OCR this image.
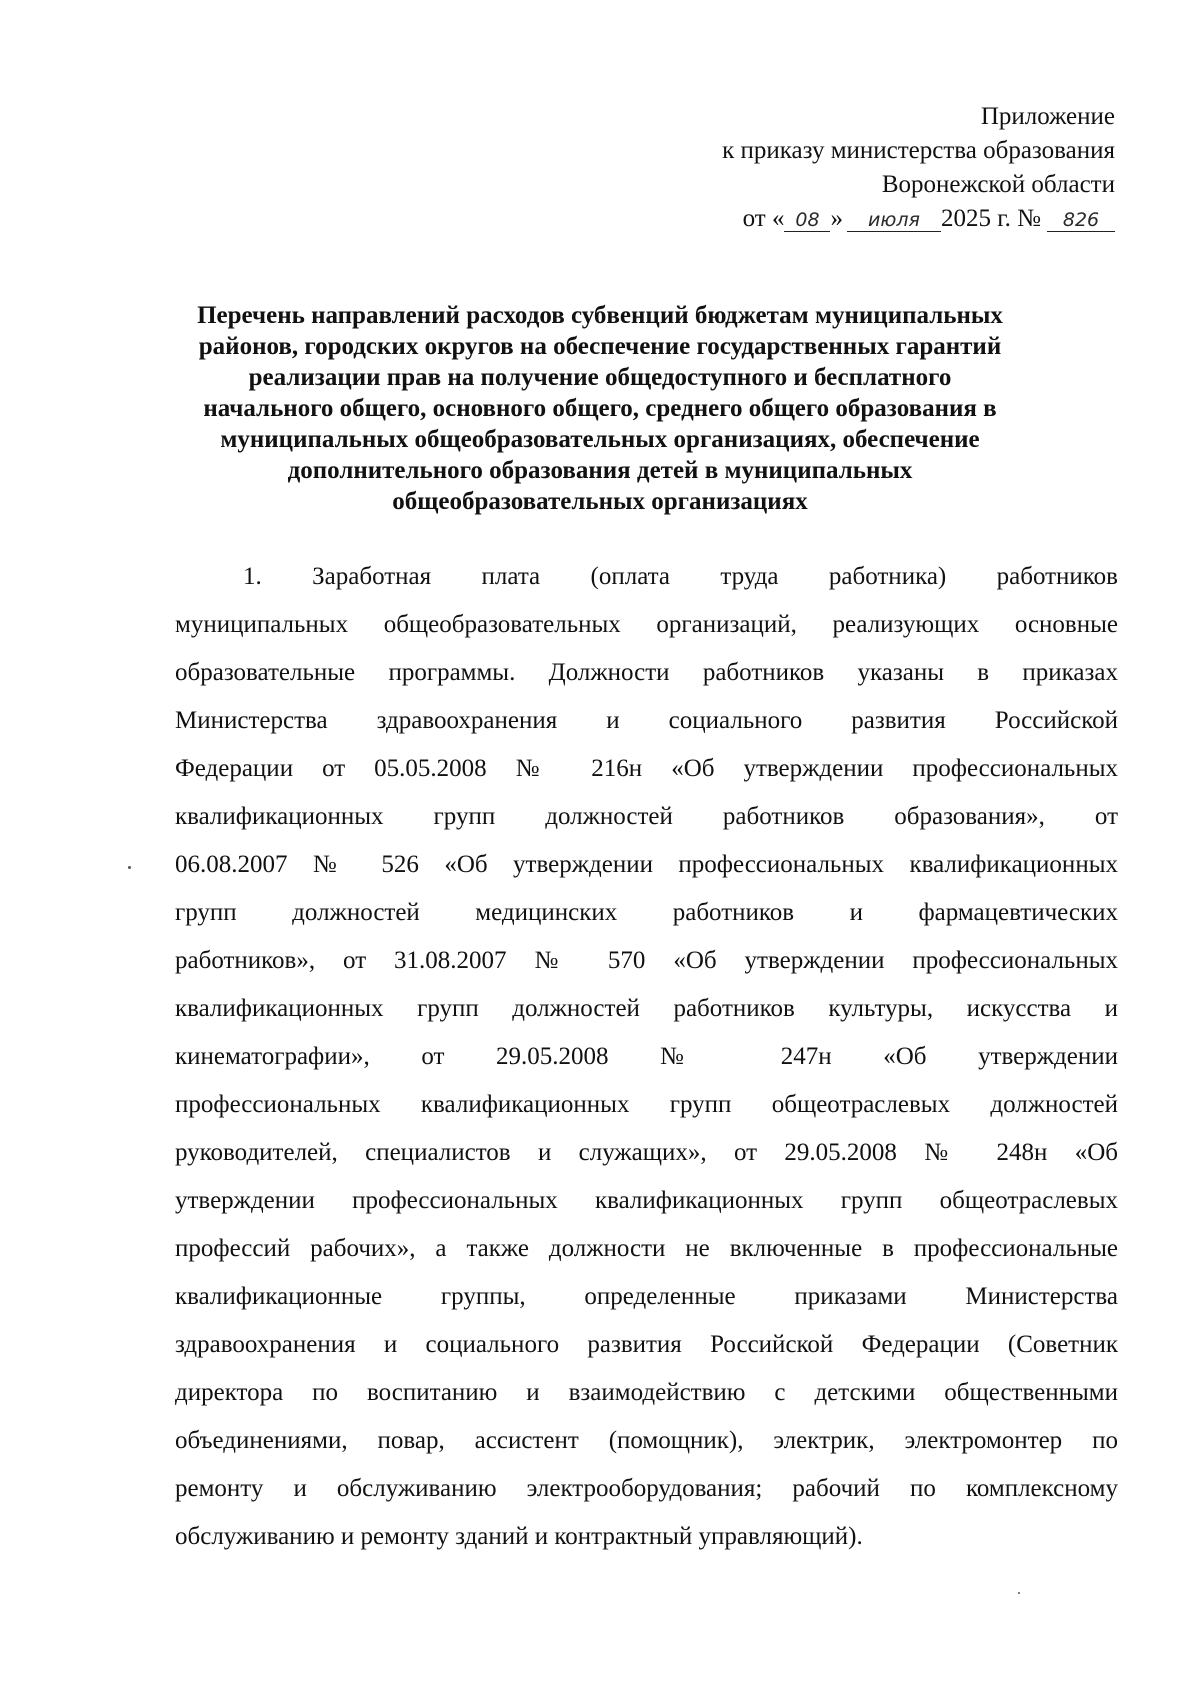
Приложение
к приказу министерства образования
Воронежской области
от « 08 » июля 2025 г. № 826
Перечень направлений расходов субвенций бюджетам муниципальных
районов, городских округов на обеспечение государственных гарантий
реализации прав на получение общедоступного и бесплатного
начального общего, основного общего, среднего общего образования в
муниципальных общеобразовательных организациях, обеспечение
дополнительного образования детей в муниципальных
общеобразовательных организациях
1. Заработная плата (оплата труда работника) работников
муниципальных общеобразовательных организаций, реализующих основные
образовательные программы. Должности работников указаны в приказах
Министерства здравоохранения и социального развития Российской
Федерации от 05.05.2008 № 216н «Об утверждении профессиональных
квалификационных групп должностей работников образования», от
06.08.2007 № 526 «Об утверждении профессиональных квалификационных
групп должностей медицинских работников и фармацевтических
работников», от 31.08.2007 № 570 «Об утверждении профессиональных
квалификационных групп должностей работников культуры, искусства и
кинематографии», от 29.05.2008 № 247н «Об утверждении
профессиональных квалификационных групп общеотраслевых должностей
руководителей, специалистов и служащих», от 29.05.2008 № 248н «Об
утверждении профессиональных квалификационных групп общеотраслевых
профессий рабочих», а также должности не включенные в профессиональные
квалификационные группы, определенные приказами Министерства
здравоохранения и социального развития Российской Федерации (Советник
директора по воспитанию и взаимодействию с детскими общественными
объединениями, повар, ассистент (помощник), электрик, электромонтер по
ремонту и обслуживанию электрооборудования; рабочий по комплексному
обслуживанию и ремонту зданий и контрактный управляющий).
